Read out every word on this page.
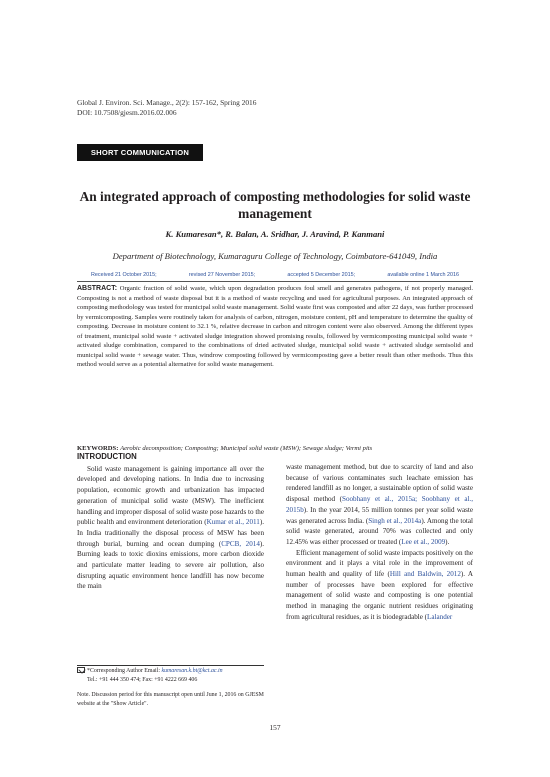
Global J. Environ. Sci. Manage., 2(2): 157-162, Spring 2016
DOI: 10.7508/gjesm.2016.02.006
SHORT COMMUNICATION
An integrated approach of composting methodologies for solid waste management
K. Kumaresan*, R. Balan, A. Sridhar, J. Aravind, P. Kanmani
Department of Biotechnology, Kumaraguru College of Technology, Coimbatore-641049, India
Received 21 October 2015;	revised 27 November 2015;	accepted 5 December 2015;	available online 1 March 2016
ABSTRACT: Organic fraction of solid waste, which upon degradation produces foul smell and generates pathogens, if not properly managed. Composting is not a method of waste disposal but it is a method of waste recycling and used for agricultural purposes. An integrated approach of composting methodology was tested for municipal solid waste management. Solid waste first was composted and after 22 days, was further processed by vermicomposting. Samples were routinely taken for analysis of carbon, nitrogen, moisture content, pH and temperature to determine the quality of composting. Decrease in moisture content to 32.1 %, relative decrease in carbon and nitrogen content were also observed. Among the different types of treatment, municipal solid waste + activated sludge integration showed promising results, followed by vermicomposting municipal solid waste + activated sludge combination, compared to the combinations of dried activated sludge, municipal solid waste + activated sludge semisolid and municipal solid waste + sewage water. Thus, windrow composting followed by vermicomposting gave a better result than other methods. Thus this method would serve as a potential alternative for solid waste management.
KEYWORDS: Aerobic decomposition; Composting; Municipal solid waste (MSW); Sewage sludge; Vermi pits
INTRODUCTION

Solid waste management is gaining importance all over the developed and developing nations. In India due to increasing population, economic growth and urbanization has impacted generation of municipal solid waste (MSW). The inefficient handling and improper disposal of solid waste pose hazards to the public health and environment deterioration (Kumar et al., 2011). In India traditionally the disposal process of MSW has been through burial, burning and ocean dumping (CPCB, 2014). Burning leads to toxic dioxins emissions, more carbon dioxide and particulate matter leading to severe air pollution, also disrupting aquatic environment hence landfill has now become the main

waste management method, but due to scarcity of land and also because of various contaminates such leachate emission has rendered landfill as no longer, a sustainable option of solid waste disposal method (Soobhany et al., 2015a; Soobhany et al., 2015b). In the year 2014, 55 million tonnes per year solid waste was generated across India. (Singh et al., 2014a). Among the total solid waste generated, around 70% was collected and only 12.45% was either processed or treated (Lee et al., 2009).

Efficient management of solid waste impacts positively on the environment and it plays a vital role in the improvement of human health and quality of life (Hill and Baldwin, 2012). A number of processes have been explored for effective management of solid waste and composting is one potential method in managing the organic nutrient residues originating from agricultural residues, as it is biodegradable (Lalander

*Corresponding Author Email: kumaresan.k.bt@kct.ac.in
Tel.: +91 444 350 474; Fax: +91 4222 669 406
Note. Discussion period for this manuscript open until June 1, 2016 on GJESM website at the "Show Article".
157
